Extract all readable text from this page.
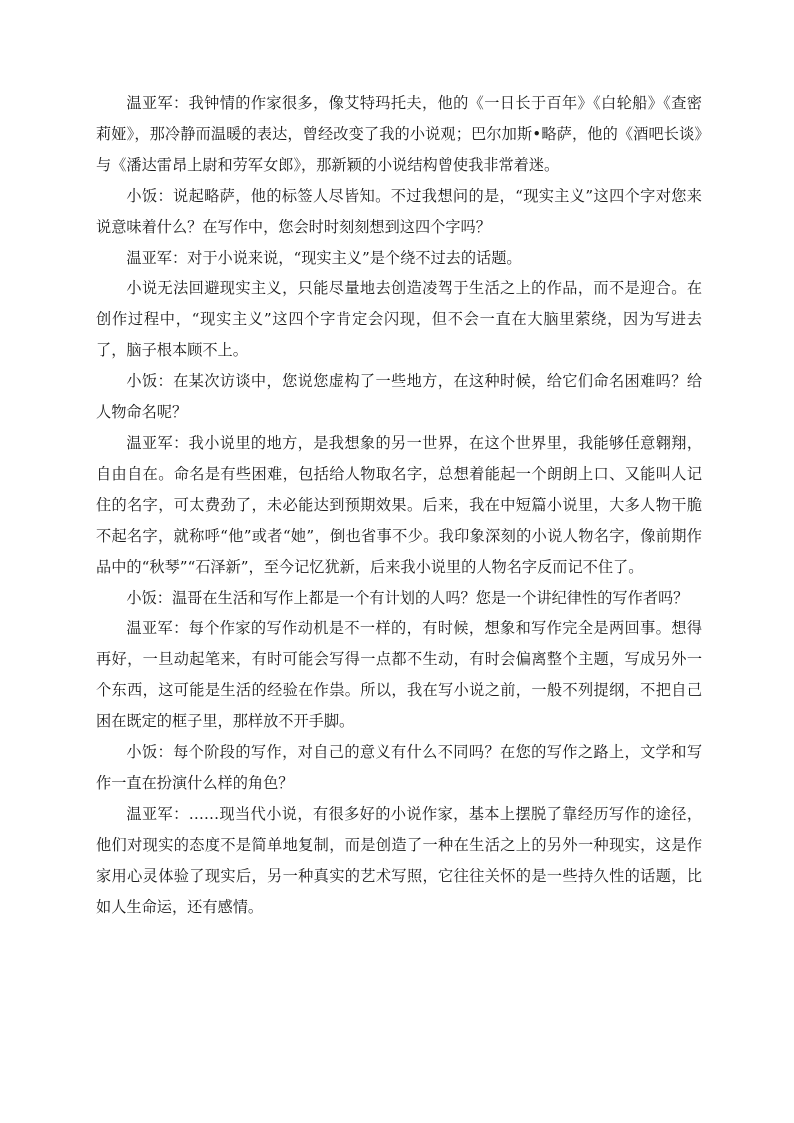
温亚军：我钟情的作家很多，像艾特玛托夫，他的《一日长于百年》《白轮船》《查密莉娅》，那冷静而温暖的表达，曾经改变了我的小说观；巴尔加斯•略萨，他的《酒吧长谈》与《潘达雷昂上尉和劳军女郎》，那新颖的小说结构曾使我非常着迷。

小饭：说起略萨，他的标签人尽皆知。不过我想问的是，“现实主义”这四个字对您来说意味着什么？在写作中，您会时时刻刻想到这四个字吗？

温亚军：对于小说来说，“现实主义”是个绕不过去的话题。

小说无法回避现实主义，只能尽量地去创造凌驾于生活之上的作品，而不是迎合。在创作过程中，“现实主义”这四个字肯定会闪现，但不会一直在大脑里萦绕，因为写进去了，脑子根本顾不上。

小饭：在某次访谈中，您说您虚构了一些地方，在这种时候，给它们命名困难吗？给人物命名呢？

温亚军：我小说里的地方，是我想象的另一世界，在这个世界里，我能够任意翱翔，自由自在。命名是有些困难，包括给人物取名字，总想着能起一个朗朗上口、又能叫人记住的名字，可太费劲了，未必能达到预期效果。后来，我在中短篇小说里，大多人物干脆不起名字，就称呼“他”或者“她”，倒也省事不少。我印象深刻的小说人物名字，像前期作品中的“秋琴”“石泽新”，至今记忆犹新，后来我小说里的人物名字反而记不住了。

小饭：温哥在生活和写作上都是一个有计划的人吗？您是一个讲纪律性的写作者吗？

温亚军：每个作家的写作动机是不一样的，有时候，想象和写作完全是两回事。想得再好，一旦动起笔来，有时可能会写得一点都不生动，有时会偏离整个主题，写成另外一个东西，这可能是生活的经验在作祟。所以，我在写小说之前，一般不列提纲，不把自己困在既定的框子里，那样放不开手脚。

小饭：每个阶段的写作，对自己的意义有什么不同吗？在您的写作之路上，文学和写作一直在扮演什么样的角色？

温亚军：……现当代小说，有很多好的小说作家，基本上摆脱了靠经历写作的途径，他们对现实的态度不是简单地复制，而是创造了一种在生活之上的另外一种现实，这是作家用心灵体验了现实后，另一种真实的艺术写照，它往往关怀的是一些持久性的话题，比如人生命运，还有感情。
